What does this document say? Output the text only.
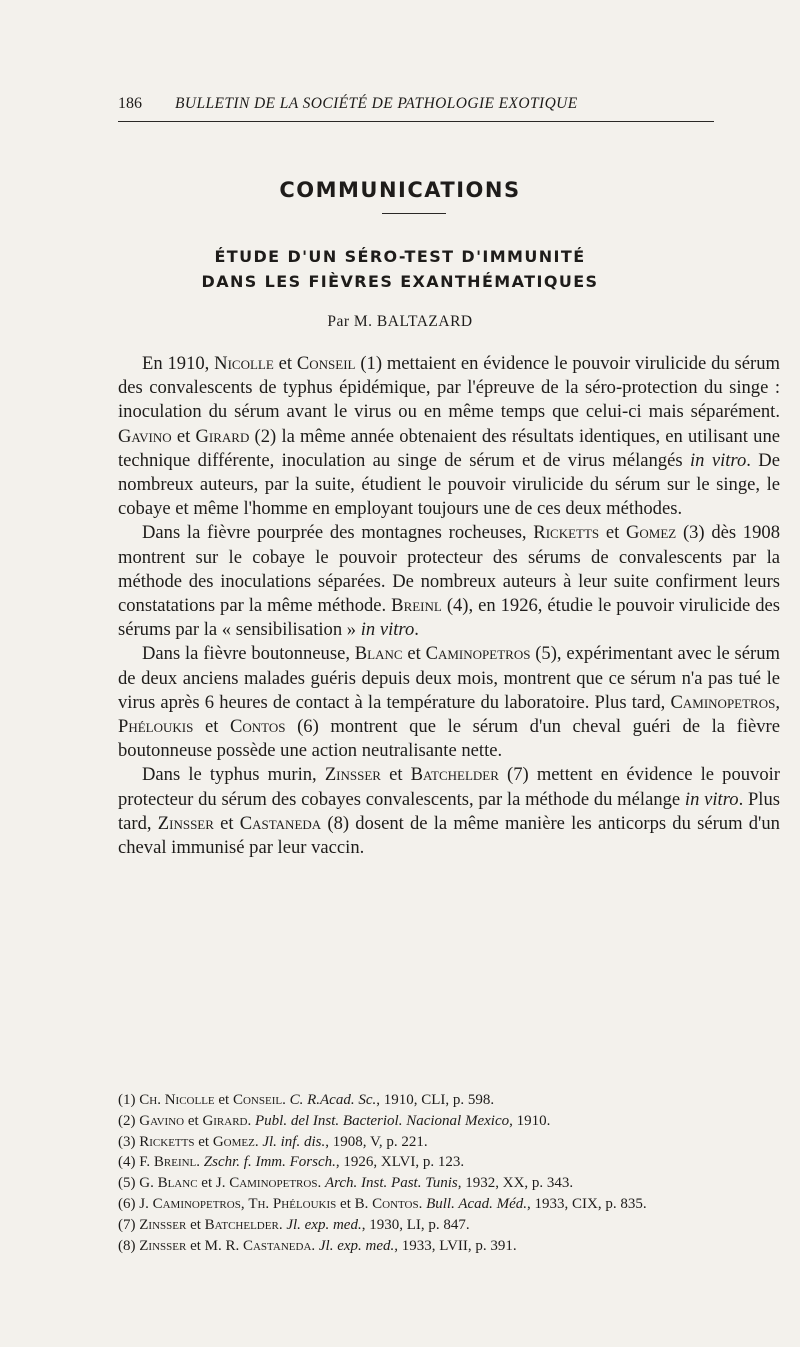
186 BULLETIN DE LA SOCIÉTÉ DE PATHOLOGIE EXOTIQUE
COMMUNICATIONS
ÉTUDE D'UN SÉRO-TEST D'IMMUNITÉ
DANS LES FIÈVRES EXANTHÉMATIQUES
Par M. BALTAZARD

En 1910, Nicolle et Conseil (1) mettaient en évidence le pouvoir virulicide du sérum des convalescents de typhus épidémique, par l'épreuve de la séro-protection du singe : inoculation du sérum avant le virus ou en même temps que celui-ci mais séparément. Gavino et Girard (2) la même année obtenaient des résultats identiques, en utilisant une technique différente, inoculation au singe de sérum et de virus mélangés in vitro. De nombreux auteurs, par la suite, étudient le pouvoir virulicide du sérum sur le singe, le cobaye et même l'homme en employant toujours une de ces deux méthodes.

Dans la fièvre pourprée des montagnes rocheuses, Ricketts et Gomez (3) dès 1908 montrent sur le cobaye le pouvoir protecteur des sérums de convalescents par la méthode des inoculations séparées. De nombreux auteurs à leur suite confirment leurs constatations par la même méthode. Breinl (4), en 1926, étudie le pouvoir virulicide des sérums par la « sensibilisation » in vitro.

Dans la fièvre boutonneuse, Blanc et Caminopetros (5), expérimentant avec le sérum de deux anciens malades guéris depuis deux mois, montrent que ce sérum n'a pas tué le virus après 6 heures de contact à la température du laboratoire. Plus tard, Caminopetros, Phéloukis et Contos (6) montrent que le sérum d'un cheval guéri de la fièvre boutonneuse possède une action neutralisante nette.

Dans le typhus murin, Zinsser et Batchelder (7) mettent en évidence le pouvoir protecteur du sérum des cobayes convalescents, par la méthode du mélange in vitro. Plus tard, Zinsser et Castaneda (8) dosent de la même manière les anticorps du sérum d'un cheval immunisé par leur vaccin.

(1) Ch. Nicolle et Conseil. C. R.Acad. Sc., 1910, CLI, p. 598.
(2) Gavino et Girard. Publ. del Inst. Bacteriol. Nacional Mexico, 1910.
(3) Ricketts et Gomez. Jl. inf. dis., 1908, V, p. 221.
(4) F. Breinl. Zschr. f. Imm. Forsch., 1926, XLVI, p. 123.
(5) G. Blanc et J. Caminopetros. Arch. Inst. Past. Tunis, 1932, XX, p. 343.
(6) J. Caminopetros, Th. Phéloukis et B. Contos. Bull. Acad. Méd., 1933, CIX, p. 835.
(7) Zinsser et Batchelder. Jl. exp. med., 1930, LI, p. 847.
(8) Zinsser et M. R. Castaneda. Jl. exp. med., 1933, LVII, p. 391.
